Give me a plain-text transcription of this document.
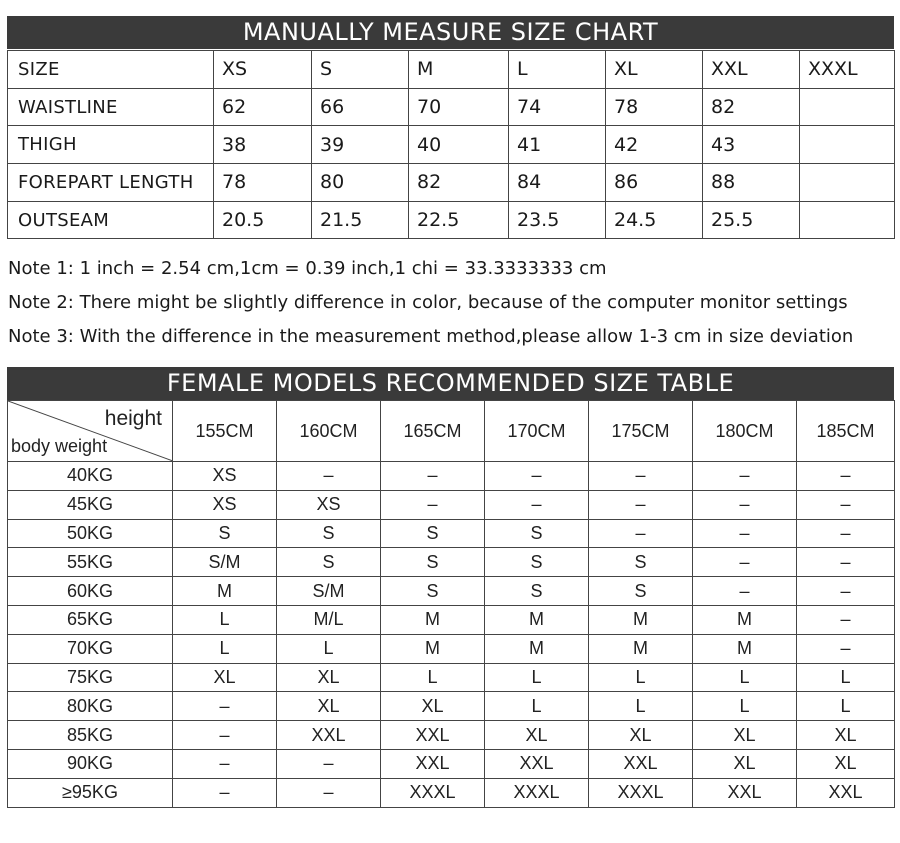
MANUALLY MEASURE SIZE CHART
SIZE	XS	S	M	L	XL	XXL	XXXL
WAISTLINE	62	66	70	74	78	82	
THIGH	38	39	40	41	42	43	
FOREPART LENGTH	78	80	82	84	86	88	
OUTSEAM	20.5	21.5	22.5	23.5	24.5	25.5	
Note 1: 1 inch = 2.54 cm,1cm = 0.39 inch,1 chi = 33.3333333 cm
Note 2: There might be slightly difference in color, because of the computer monitor settings
Note 3: With the difference in the measurement method,please allow 1-3 cm in size deviation
FEMALE MODELS RECOMMENDED SIZE TABLE
height
body weight	155CM	160CM	165CM	170CM	175CM	180CM	185CM
40KG	XS	–	–	–	–	–	–
45KG	XS	XS	–	–	–	–	–
50KG	S	S	S	S	–	–	–
55KG	S/M	S	S	S	S	–	–
60KG	M	S/M	S	S	S	–	–
65KG	L	M/L	M	M	M	M	–
70KG	L	L	M	M	M	M	–
75KG	XL	XL	L	L	L	L	L
80KG	–	XL	XL	L	L	L	L
85KG	–	XXL	XXL	XL	XL	XL	XL
90KG	–	–	XXL	XXL	XXL	XL	XL
≥95KG	–	–	XXXL	XXXL	XXXL	XXL	XXL
